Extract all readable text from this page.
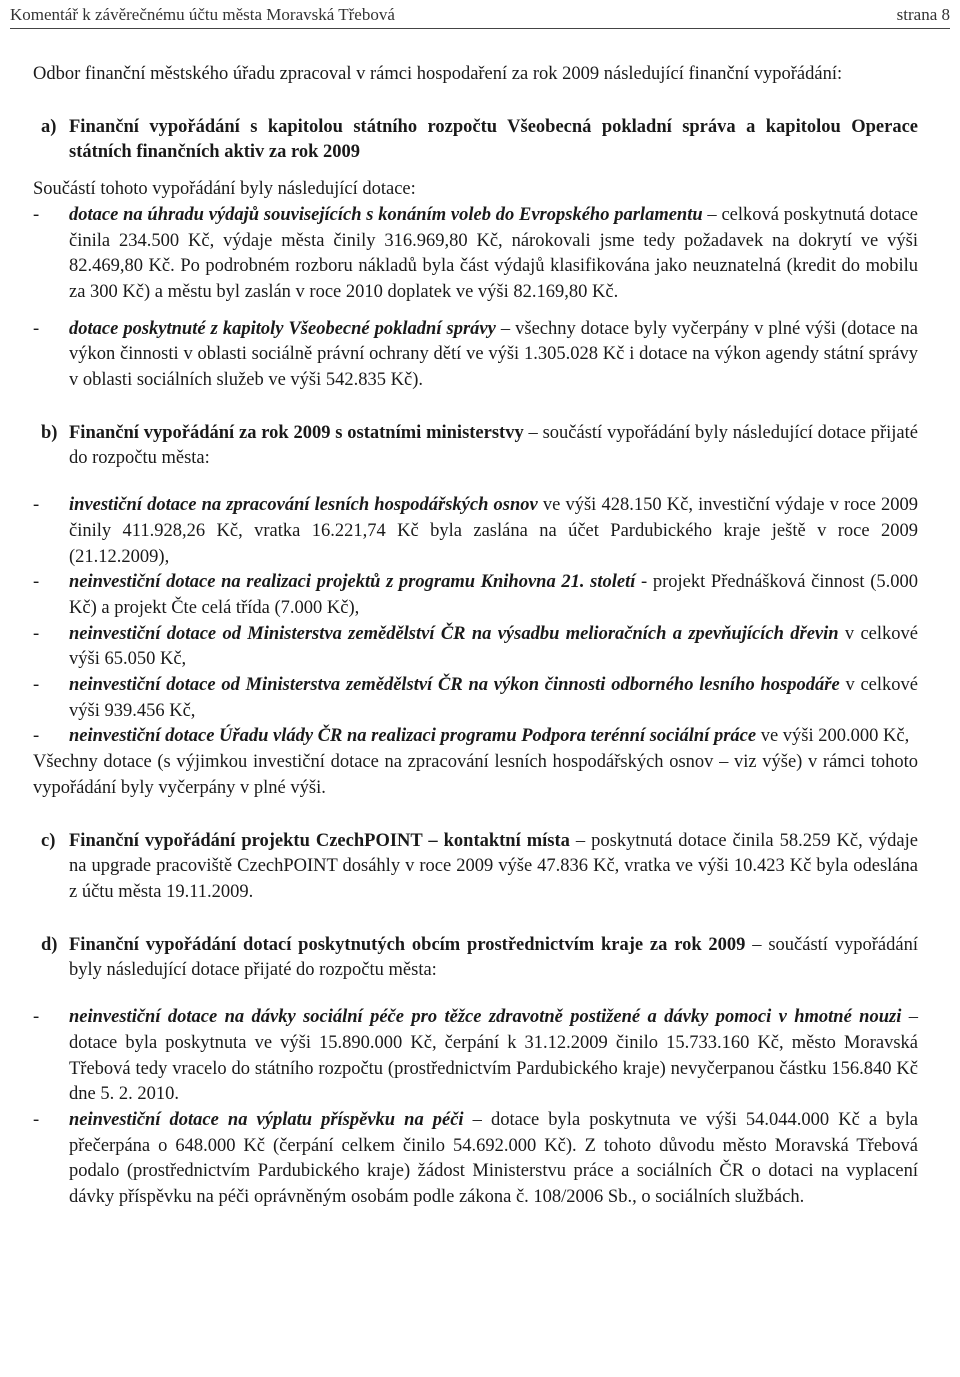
Komentář k závěrečnému účtu města Moravská Třebová	strana 8

Odbor finanční městského úřadu zpracoval v rámci hospodaření za rok 2009 následující finanční vypořádání:

a) Finanční vypořádání s kapitolou státního rozpočtu Všeobecná pokladní správa a kapitolou Operace státních finančních aktiv za rok 2009

Součástí tohoto vypořádání byly následující dotace:

- dotace na úhradu výdajů souvisejících s konáním voleb do Evropského parlamentu – celková poskytnutá dotace činila 234.500 Kč, výdaje města činily 316.969,80 Kč, nárokovali jsme tedy požadavek na dokrytí ve výši 82.469,80 Kč. Po podrobném rozboru nákladů byla část výdajů klasifikována jako neuznatelná (kredit do mobilu za 300 Kč) a městu byl zaslán v roce 2010 doplatek ve výši 82.169,80 Kč.

- dotace poskytnuté z kapitoly Všeobecné pokladní správy – všechny dotace byly vyčerpány v plné výši (dotace na výkon činnosti v oblasti sociálně právní ochrany dětí ve výši 1.305.028 Kč i dotace na výkon agendy státní správy v oblasti sociálních služeb ve výši 542.835 Kč).

b) Finanční vypořádání za rok 2009 s ostatními ministerstvy – součástí vypořádání byly následující dotace přijaté do rozpočtu města:

- investiční dotace na zpracování lesních hospodářských osnov ve výši 428.150 Kč, investiční výdaje v roce 2009 činily 411.928,26 Kč, vratka 16.221,74 Kč byla zaslána na účet Pardubického kraje ještě v roce 2009 (21.12.2009),

- neinvestiční dotace na realizaci projektů z programu Knihovna 21. století - projekt Přednášková činnost (5.000 Kč) a projekt Čte celá třída (7.000 Kč),

- neinvestiční dotace od Ministerstva zemědělství ČR na výsadbu melioračních a zpevňujících dřevin v celkové výši 65.050 Kč,

- neinvestiční dotace od Ministerstva zemědělství ČR na výkon činnosti odborného lesního hospodáře v celkové výši 939.456 Kč,

- neinvestiční dotace Úřadu vlády ČR na realizaci programu Podpora terénní sociální práce ve výši 200.000 Kč,

Všechny dotace (s výjimkou investiční dotace na zpracování lesních hospodářských osnov – viz výše) v rámci tohoto vypořádání byly vyčerpány v plné výši.

c) Finanční vypořádání projektu CzechPOINT – kontaktní místa – poskytnutá dotace činila 58.259 Kč, výdaje na upgrade pracoviště CzechPOINT dosáhly v roce 2009 výše 47.836 Kč, vratka ve výši 10.423 Kč byla odeslána z účtu města 19.11.2009.

d) Finanční vypořádání dotací poskytnutých obcím prostřednictvím kraje za rok 2009 – součástí vypořádání byly následující dotace přijaté do rozpočtu města:

- neinvestiční dotace na dávky sociální péče pro těžce zdravotně postižené a dávky pomoci v hmotné nouzi – dotace byla poskytnuta ve výši 15.890.000 Kč, čerpání k 31.12.2009 činilo 15.733.160 Kč, město Moravská Třebová tedy vracelo do státního rozpočtu (prostřednictvím Pardubického kraje) nevyčerpanou částku 156.840 Kč dne 5. 2. 2010.

- neinvestiční dotace na výplatu příspěvku na péči – dotace byla poskytnuta ve výši 54.044.000 Kč a byla přečerpána o 648.000 Kč (čerpání celkem činilo 54.692.000 Kč). Z tohoto důvodu město Moravská Třebová podalo (prostřednictvím Pardubického kraje) žádost Ministerstvu práce a sociálních ČR o dotaci na vyplacení dávky příspěvku na péči oprávněným osobám podle zákona č. 108/2006 Sb., o sociálních službách.
